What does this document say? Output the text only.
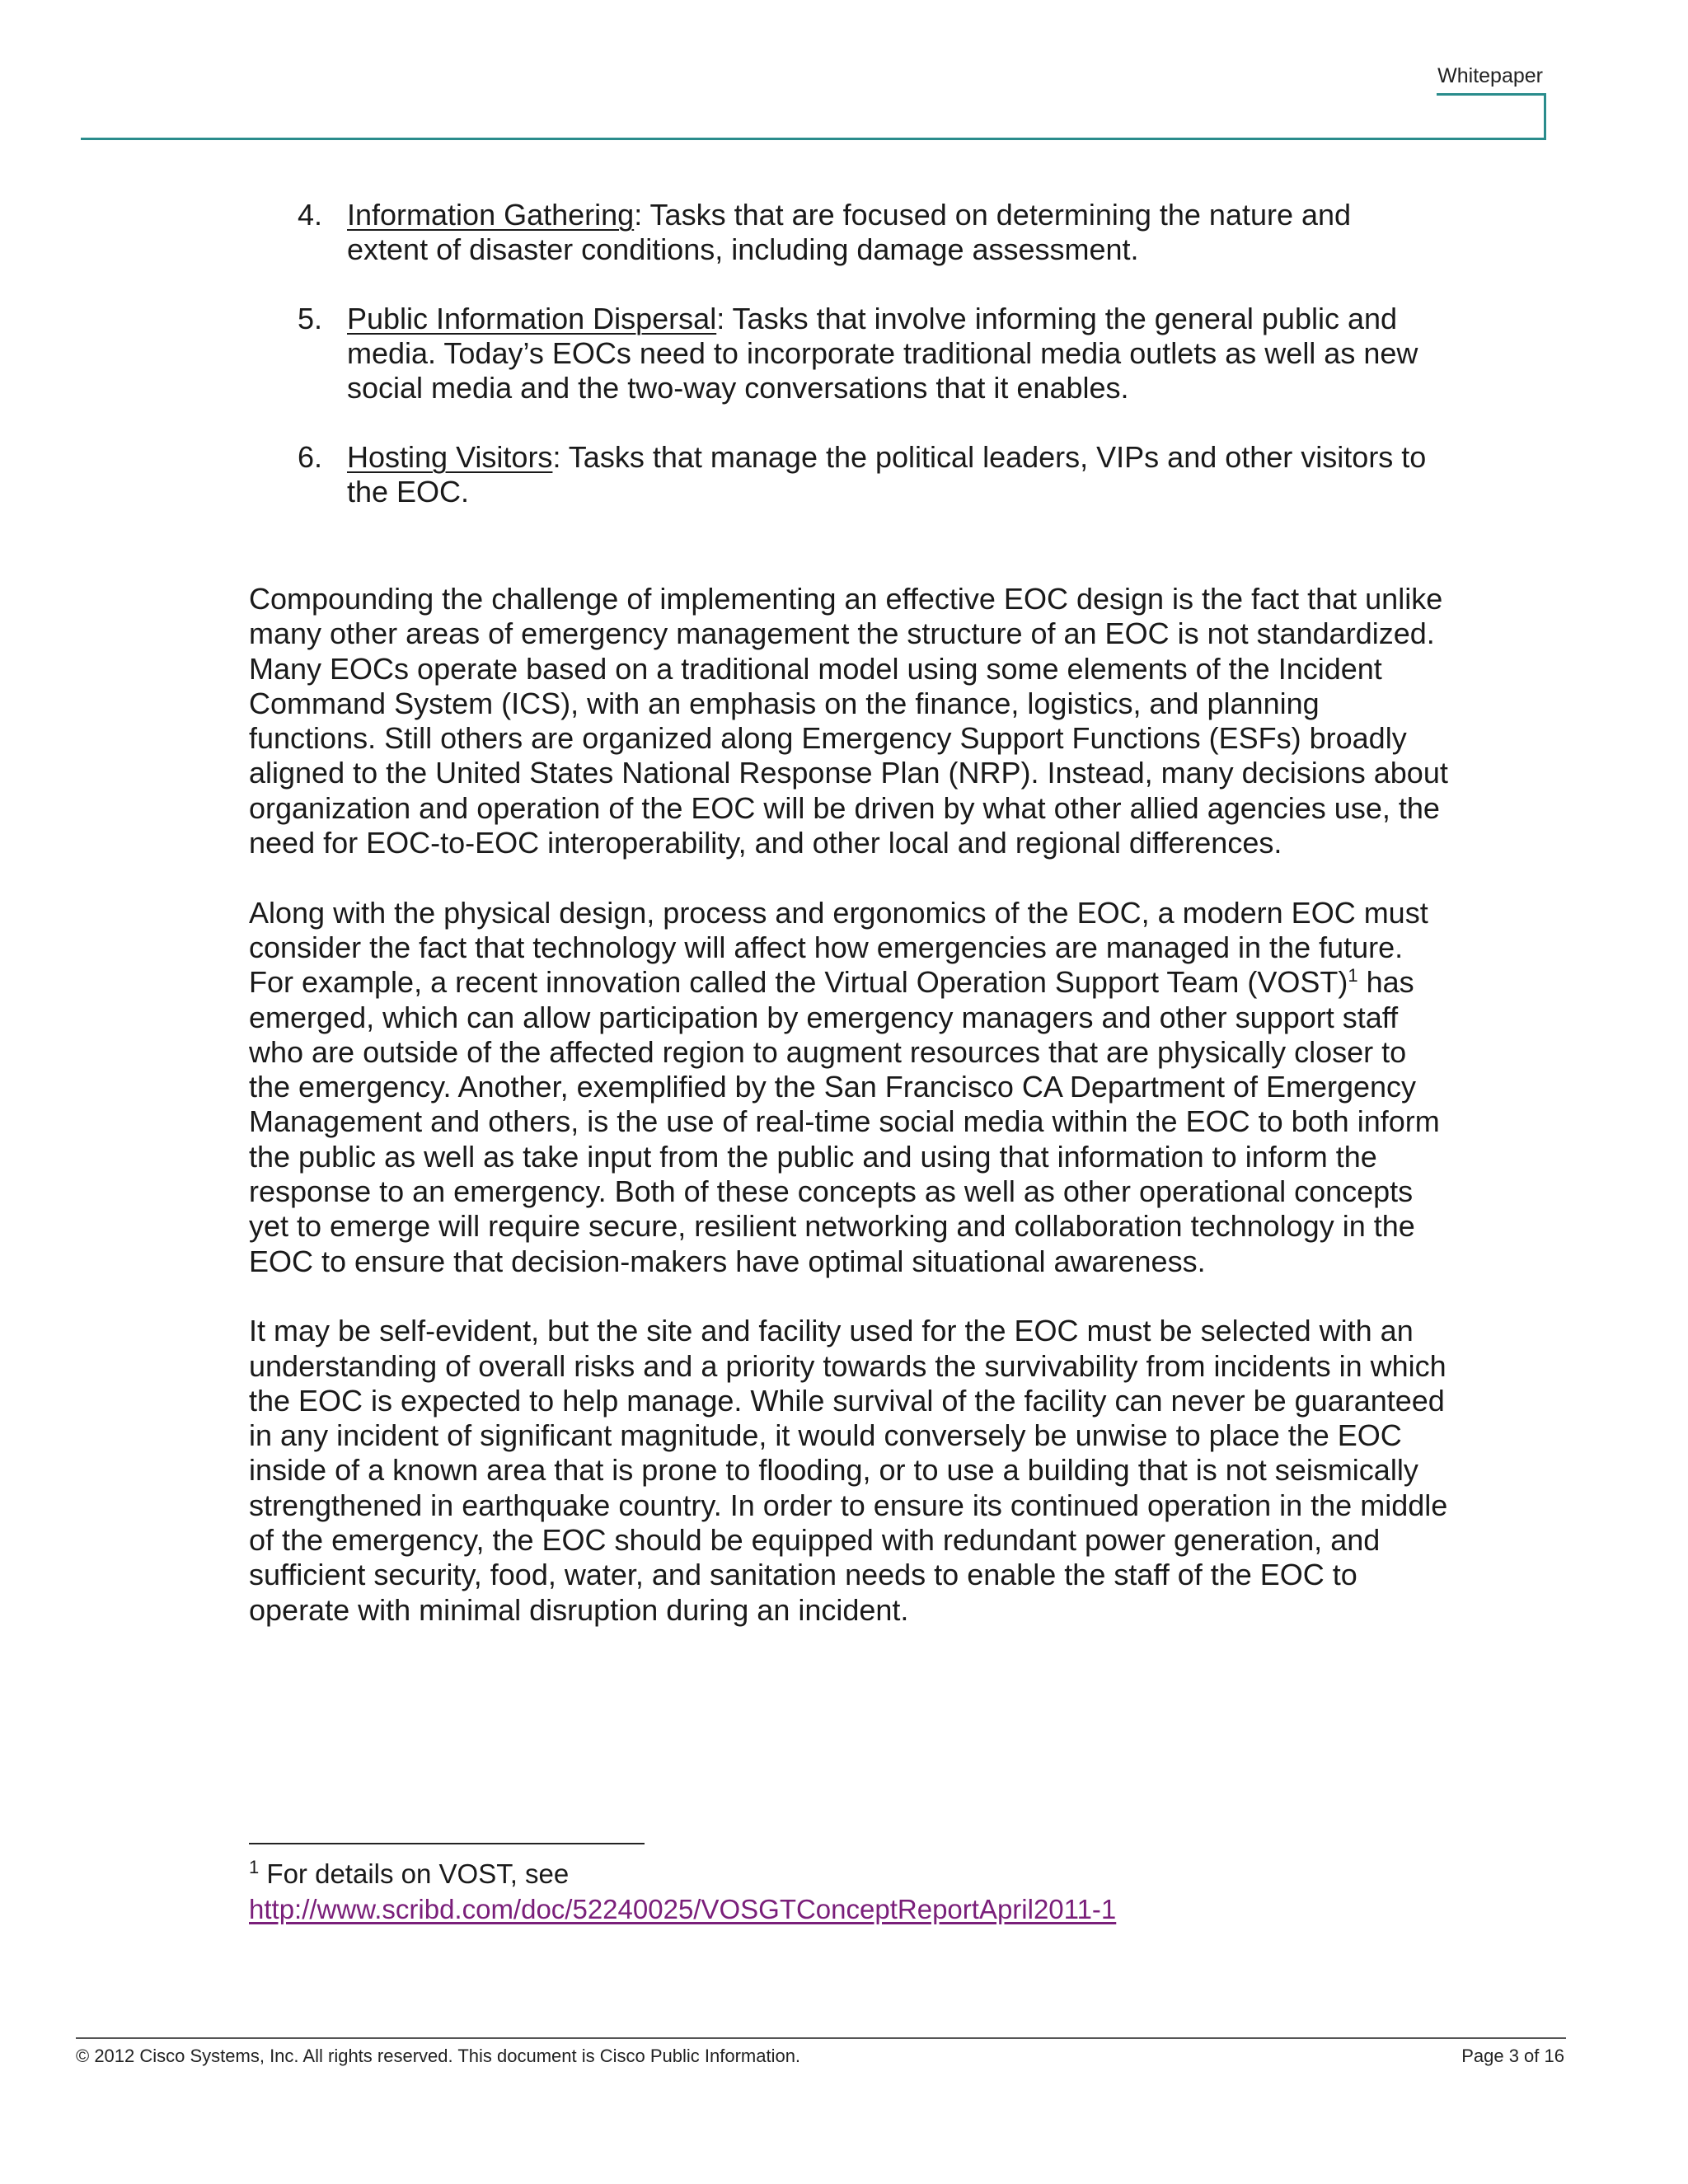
Whitepaper
4. Information Gathering: Tasks that are focused on determining the nature and extent of disaster conditions, including damage assessment.
5. Public Information Dispersal: Tasks that involve informing the general public and media. Today’s EOCs need to incorporate traditional media outlets as well as new social media and the two-way conversations that it enables.
6. Hosting Visitors: Tasks that manage the political leaders, VIPs and other visitors to the EOC.

Compounding the challenge of implementing an effective EOC design is the fact that unlike many other areas of emergency management the structure of an EOC is not standardized. Many EOCs operate based on a traditional model using some elements of the Incident Command System (ICS), with an emphasis on the finance, logistics, and planning functions. Still others are organized along Emergency Support Functions (ESFs) broadly aligned to the United States National Response Plan (NRP). Instead, many decisions about organization and operation of the EOC will be driven by what other allied agencies use, the need for EOC-to-EOC interoperability, and other local and regional differences.

Along with the physical design, process and ergonomics of the EOC, a modern EOC must consider the fact that technology will affect how emergencies are managed in the future. For example, a recent innovation called the Virtual Operation Support Team (VOST)$^1$ has emerged, which can allow participation by emergency managers and other support staff who are outside of the affected region to augment resources that are physically closer to the emergency. Another, exemplified by the San Francisco CA Department of Emergency Management and others, is the use of real-time social media within the EOC to both inform the public as well as take input from the public and using that information to inform the response to an emergency. Both of these concepts as well as other operational concepts yet to emerge will require secure, resilient networking and collaboration technology in the EOC to ensure that decision-makers have optimal situational awareness.

It may be self-evident, but the site and facility used for the EOC must be selected with an understanding of overall risks and a priority towards the survivability from incidents in which the EOC is expected to help manage. While survival of the facility can never be guaranteed in any incident of significant magnitude, it would conversely be unwise to place the EOC inside of a known area that is prone to flooding, or to use a building that is not seismically strengthened in earthquake country. In order to ensure its continued operation in the middle of the emergency, the EOC should be equipped with redundant power generation, and sufficient security, food, water, and sanitation needs to enable the staff of the EOC to operate with minimal disruption during an incident.

$^1$ For details on VOST, see
http://www.scribd.com/doc/52240025/VOSGTConceptReportApril2011-1
© 2012 Cisco Systems, Inc. All rights reserved. This document is Cisco Public Information.	Page 3 of 16
